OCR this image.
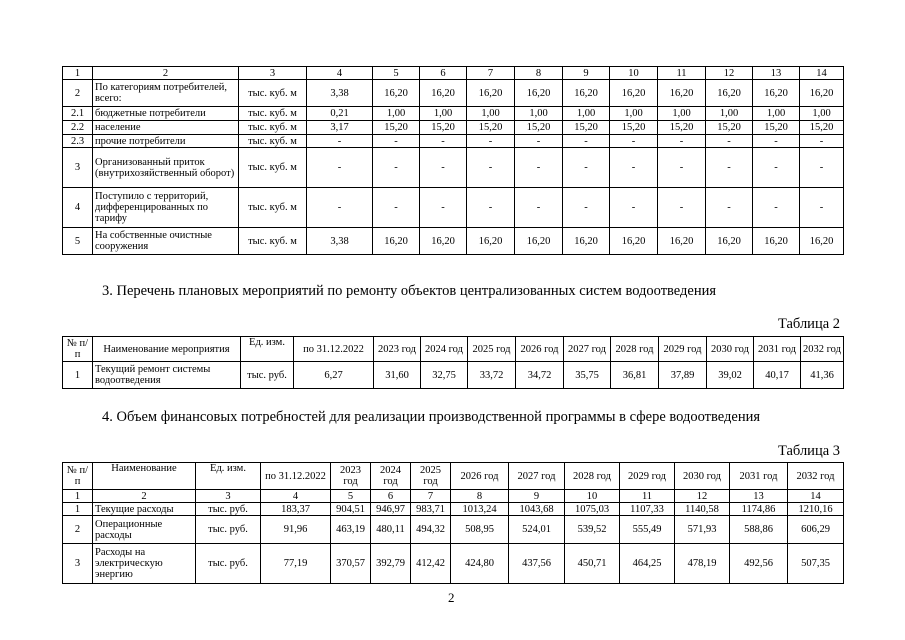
1	2	3	4	5	6	7	8	9	10	11	12	13	14
2	По категориям потребителей, всего:	тыс. куб. м	3,38	16,20	16,20	16,20	16,20	16,20	16,20	16,20	16,20	16,20	16,20
2.1	бюджетные потребители	тыс. куб. м	0,21	1,00	1,00	1,00	1,00	1,00	1,00	1,00	1,00	1,00	1,00
2.2	население	тыс. куб. м	3,17	15,20	15,20	15,20	15,20	15,20	15,20	15,20	15,20	15,20	15,20
2.3	прочие потребители	тыс. куб. м	-	-	-	-	-	-	-	-	-	-	-
3	Организованный приток (внутрихозяйственный оборот)	тыс. куб. м	-	-	-	-	-	-	-	-	-	-	-
4	Поступило с территорий, дифференцированных по тарифу	тыс. куб. м	-	-	-	-	-	-	-	-	-	-	-
5	На собственные очистные сооружения	тыс. куб. м	3,38	16,20	16,20	16,20	16,20	16,20	16,20	16,20	16,20	16,20	16,20
3. Перечень плановых мероприятий по ремонту объектов централизованных систем водоотведения
Таблица 2
№ п/п	Наименование мероприятия	Ед. изм.	по 31.12.2022	2023 год	2024 год	2025 год	2026 год	2027 год	2028 год	2029 год	2030 год	2031 год	2032 год
1	Текущий ремонт системы водоотведения	тыс. руб.	6,27	31,60	32,75	33,72	34,72	35,75	36,81	37,89	39,02	40,17	41,36
4. Объем финансовых потребностей для реализации производственной программы в сфере водоотведения
Таблица 3
№ п/п	Наименование	Ед. изм.	по 31.12.2022	2023 год	2024 год	2025 год	2026 год	2027 год	2028 год	2029 год	2030 год	2031 год	2032 год
1	2	3	4	5	6	7	8	9	10	11	12	13	14
1	Текущие расходы	тыс. руб.	183,37	904,51	946,97	983,71	1013,24	1043,68	1075,03	1107,33	1140,58	1174,86	1210,16
2	Операционные расходы	тыс. руб.	91,96	463,19	480,11	494,32	508,95	524,01	539,52	555,49	571,93	588,86	606,29
3	Расходы на электрическую энергию	тыс. руб.	77,19	370,57	392,79	412,42	424,80	437,56	450,71	464,25	478,19	492,56	507,35
2
